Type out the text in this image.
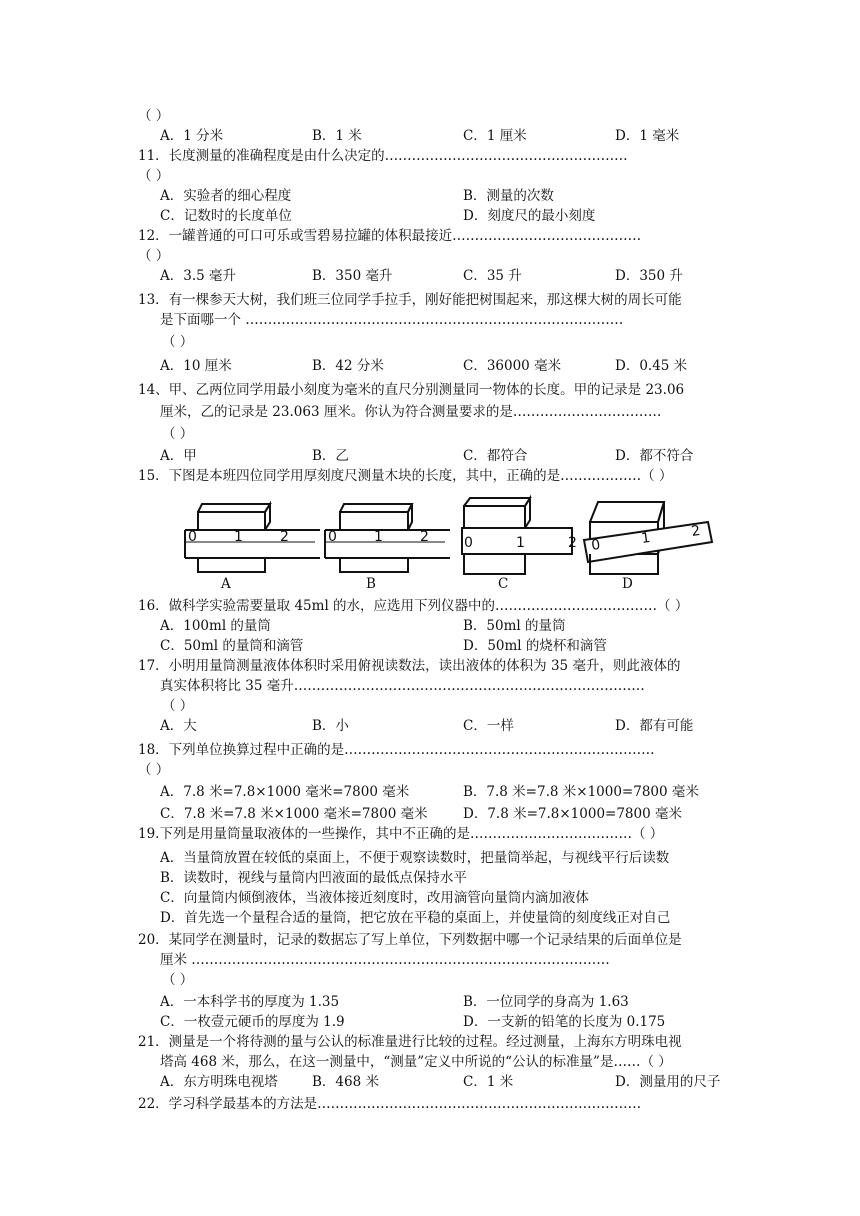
（ ）
A．1 分米	B．1 米	C．1 厘米	D．1 毫米
11．长度测量的准确程度是由什么决定的………………………………………………
（ ）
A．实验者的细心程度	B．测量的次数
C．记数时的长度单位	D．刻度尺的最小刻度
12．一罐普通的可口可乐或雪碧易拉罐的体积最接近……………………………………
（ ）
A．3.5 毫升	B．350 毫升	C．35 升	D．350 升
13．有一棵参天大树，我们班三位同学手拉手，刚好能把树围起来，那这棵大树的周长可能
是下面哪一个 …………………………………………………………………………
（ ）
A．10 厘米	B．42 分米	C．36000 毫米	D．0.45 米
14、甲、乙两位同学用最小刻度为毫米的直尺分别测量同一物体的长度。甲的记录是 23.06
厘米，乙的记录是 23.063 厘米。你认为符合测量要求的是……………………………
（ ）
A．甲	B．乙	C．都符合	D．都不符合
15．下图是本班四位同学用厚刻度尺测量木块的长度，其中，正确的是………………（ ）
16．做科学实验需要量取 45ml 的水，应选用下列仪器中的………………………………（ ）
A．100ml 的量筒	B．50ml 的量筒
C．50ml 的量筒和滴管	D．50ml 的烧杯和滴管
17．小明用量筒测量液体体积时采用俯视读数法，读出液体的体积为 35 毫升，则此液体的
真实体积将比 35 毫升……………………………………………………………………
（ ）
A．大	B．小	C．一样	D．都有可能
18．下列单位换算过程中正确的是……………………………………………………………
（ ）
A．7.8 米=7.8×1000 毫米=7800 毫米	B．7.8 米=7.8 米×1000=7800 毫米
C．7.8 米=7.8 米×1000 毫米=7800 毫米	D．7.8 米=7.8×1000=7800 毫米
19.下列是用量筒量取液体的一些操作，其中不正确的是………………………………（ ）
A．当量筒放置在较低的桌面上，不便于观察读数时，把量筒举起，与视线平行后读数
B．读数时，视线与量筒内凹液面的最低点保持水平
C．向量筒内倾倒液体，当液体接近刻度时，改用滴管向量筒内滴加液体
D．首先选一个量程合适的量筒，把它放在平稳的桌面上，并使量筒的刻度线正对自己
20．某同学在测量时，记录的数据忘了写上单位，下列数据中哪一个记录结果的后面单位是
厘米 …………………………………………………………………………………
（ ）
A．一本科学书的厚度为 1.35	B．一位同学的身高为 1.63
C．一枚壹元硬币的厚度为 1.9	D．一支新的铅笔的长度为 0.175
21．测量是一个将待测的量与公认的标准量进行比较的过程。经过测量，上海东方明珠电视
塔高 468 米，那么，在这一测量中，“测量”定义中所说的“公认的标准量”是……（ ）
A．东方明珠电视塔	B．468 米	C．1 米	D．测量用的尺子
22．学习科学最基本的方法是………………………………………………………………
0	1	2	0	1	2	0	1	2 0	1	2
A	B	C	D
